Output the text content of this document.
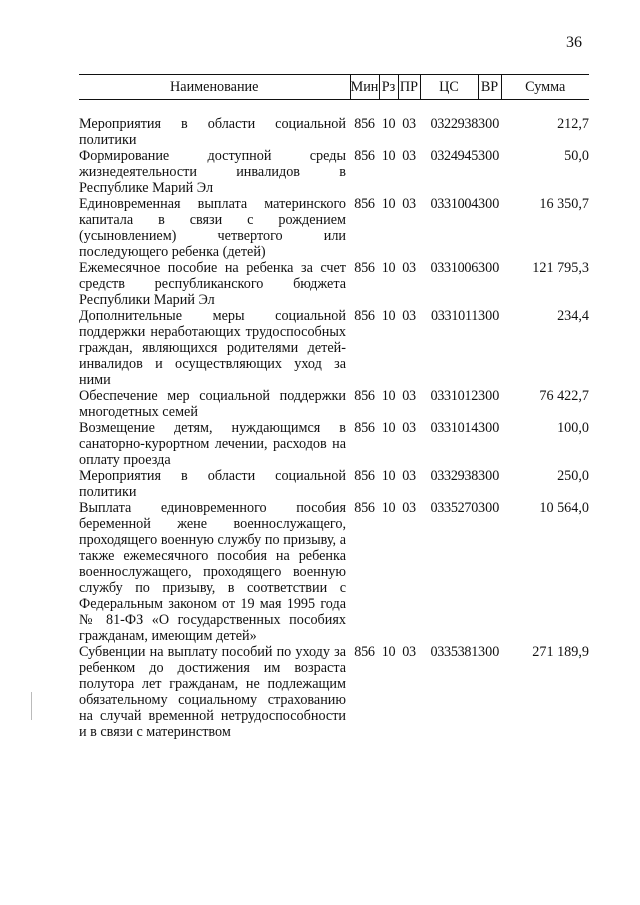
36
Наименование	Мин	Рз	ПР	ЦС	ВР	Сумма
Мероприятия в области социальной политики	856	10	03	0322938	300	212,7
Формирование доступной среды жизнедеятельности инвалидов в Республике Марий Эл	856	10	03	0324945	300	50,0
Единовременная выплата материнского капитала в связи с рождением (усыновлением) четвертого или последующего ребенка (детей)	856	10	03	0331004	300	16 350,7
Ежемесячное пособие на ребенка за счет средств республиканского бюджета Республики Марий Эл	856	10	03	0331006	300	121 795,3
Дополнительные меры социальной поддержки неработающих трудоспособных граждан, являющихся родителями детей-инвалидов и осуществляющих уход за ними	856	10	03	0331011	300	234,4
Обеспечение мер социальной поддержки многодетных семей	856	10	03	0331012	300	76 422,7
Возмещение детям, нуждающимся в санаторно-курортном лечении, расходов на оплату проезда	856	10	03	0331014	300	100,0
Мероприятия в области социальной политики	856	10	03	0332938	300	250,0
Выплата единовременного пособия беременной жене военнослужащего, проходящего военную службу по призыву, а также ежемесячного пособия на ребенка военнослужащего, проходящего военную службу по призыву, в соответствии с Федеральным законом от 19 мая 1995 года № 81-ФЗ «О государственных пособиях гражданам, имеющим детей»	856	10	03	0335270	300	10 564,0
Субвенции на выплату пособий по уходу за ребенком до достижения им возраста полутора лет гражданам, не подлежащим обязательному социальному страхованию на случай временной нетрудоспособности и в связи с материнством	856	10	03	0335381	300	271 189,9
